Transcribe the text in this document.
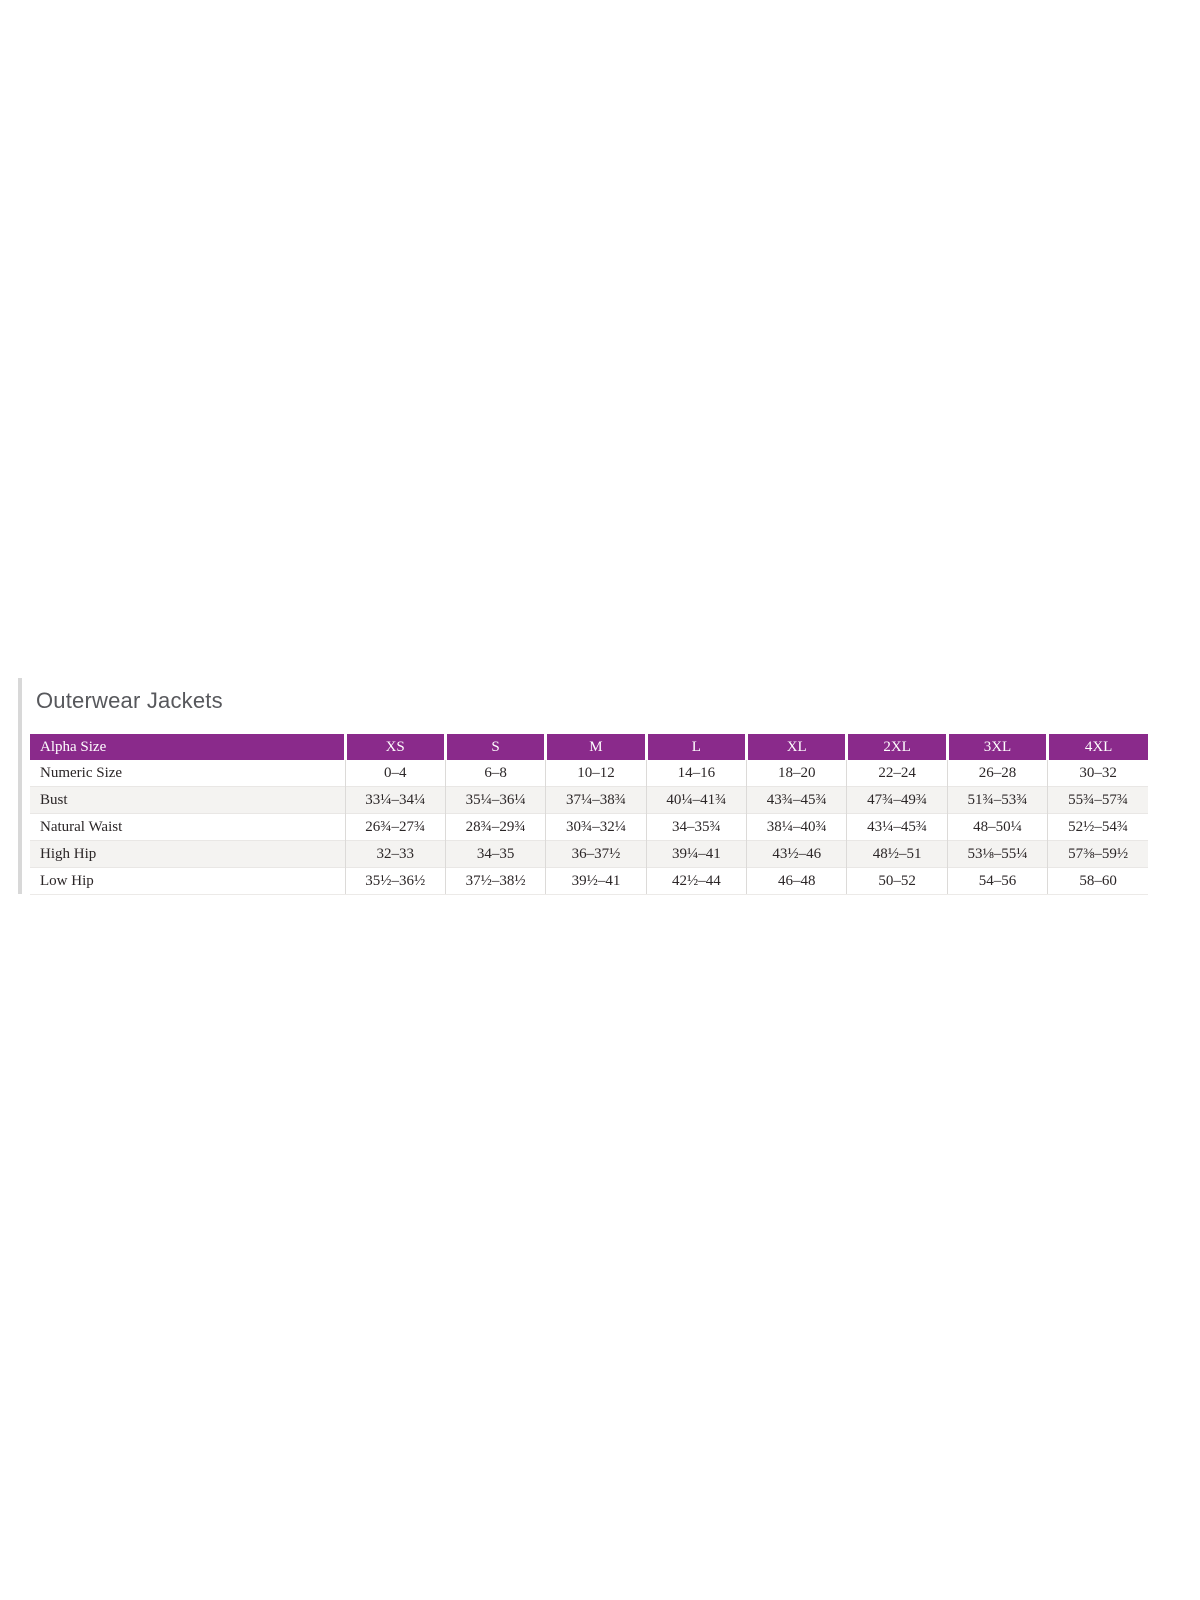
Outerwear Jackets
Alpha Size	XS	S	M	L	XL	2XL	3XL	4XL
Numeric Size	0–4	6–8	10–12	14–16	18–20	22–24	26–28	30–32
Bust	33¼–34¼	35¼–36¼	37¼–38¾	40¼–41¾	43¾–45¾	47¾–49¾	51¾–53¾	55¾–57¾
Natural Waist	26¾–27¾	28¾–29¾	30¾–32¼	34–35¾	38¼–40¾	43¼–45¾	48–50¼	52½–54¾
High Hip	32–33	34–35	36–37½	39¼–41	43½–46	48½–51	53⅛–55¼	57⅜–59½
Low Hip	35½–36½	37½–38½	39½–41	42½–44	46–48	50–52	54–56	58–60
